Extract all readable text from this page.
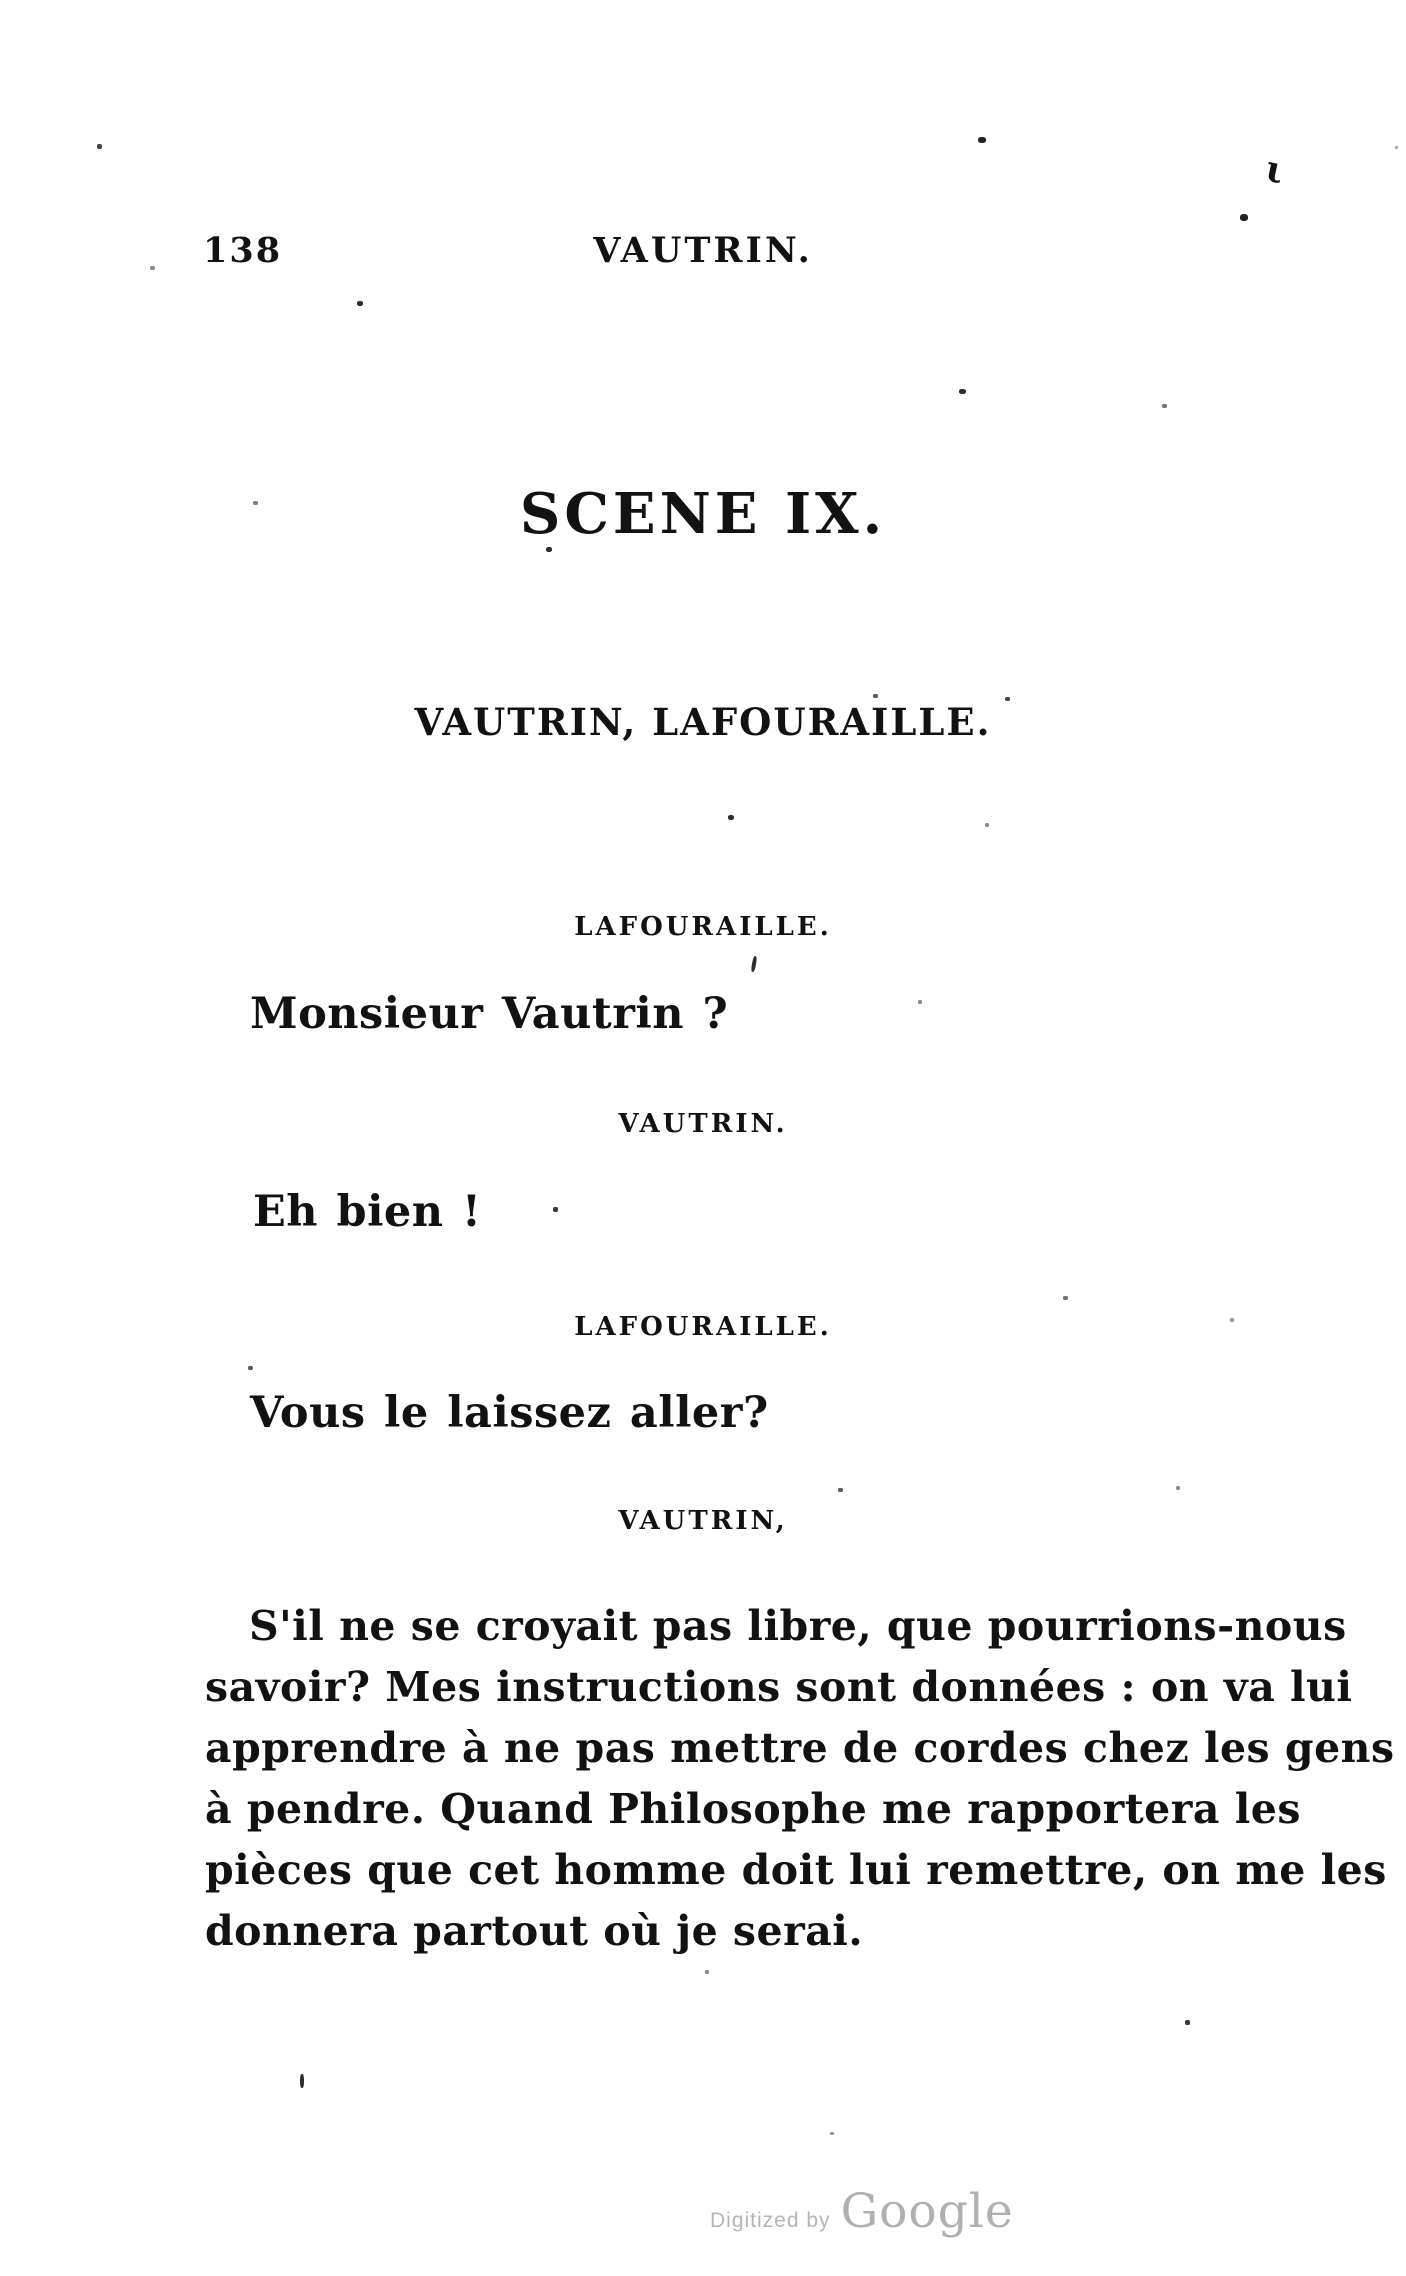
138	VAUTRIN.
SCENE IX.
VAUTRIN, LAFOURAILLE.
LAFOURAILLE.
Monsieur Vautrin ?
VAUTRIN.
Eh bien !
LAFOURAILLE.
Vous le laissez aller?
VAUTRIN,
S'il ne se croyait pas libre, que pourrions-nous
savoir? Mes instructions sont données : on va lui
apprendre à ne pas mettre de cordes chez les gens
à pendre. Quand Philosophe me rapportera les
pièces que cet homme doit lui remettre, on me les
donnera partout où je serai.
Digitized by Google
ι
